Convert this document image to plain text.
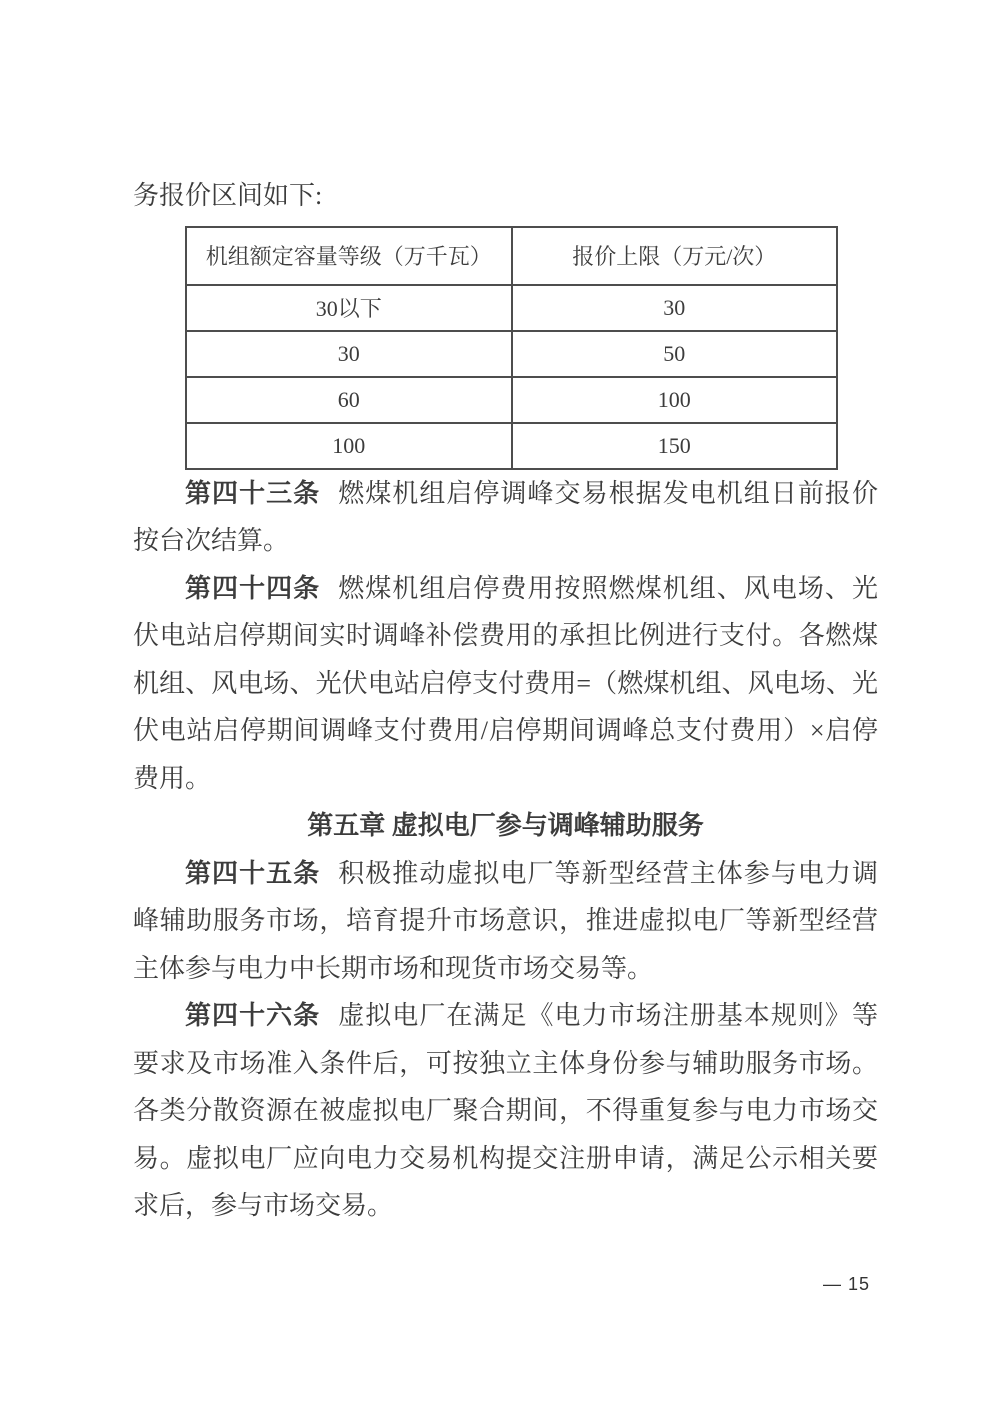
务报价区间如下:

机组额定容量等级（万千瓦）	报价上限（万元/次）
30以下	30
30	50
60	100
100	150

第四十三条 燃煤机组启停调峰交易根据发电机组日前报价按台次结算。

第四十四条 燃煤机组启停费用按照燃煤机组、风电场、光伏电站启停期间实时调峰补偿费用的承担比例进行支付。各燃煤机组、风电场、光伏电站启停支付费用=（燃煤机组、风电场、光伏电站启停期间调峰支付费用/启停期间调峰总支付费用）×启停费用。

第五章 虚拟电厂参与调峰辅助服务

第四十五条 积极推动虚拟电厂等新型经营主体参与电力调峰辅助服务市场，培育提升市场意识，推进虚拟电厂等新型经营主体参与电力中长期市场和现货市场交易等。

第四十六条 虚拟电厂在满足《电力市场注册基本规则》等要求及市场准入条件后，可按独立主体身份参与辅助服务市场。各类分散资源在被虚拟电厂聚合期间，不得重复参与电力市场交易。虚拟电厂应向电力交易机构提交注册申请，满足公示相关要求后，参与市场交易。

— 15
